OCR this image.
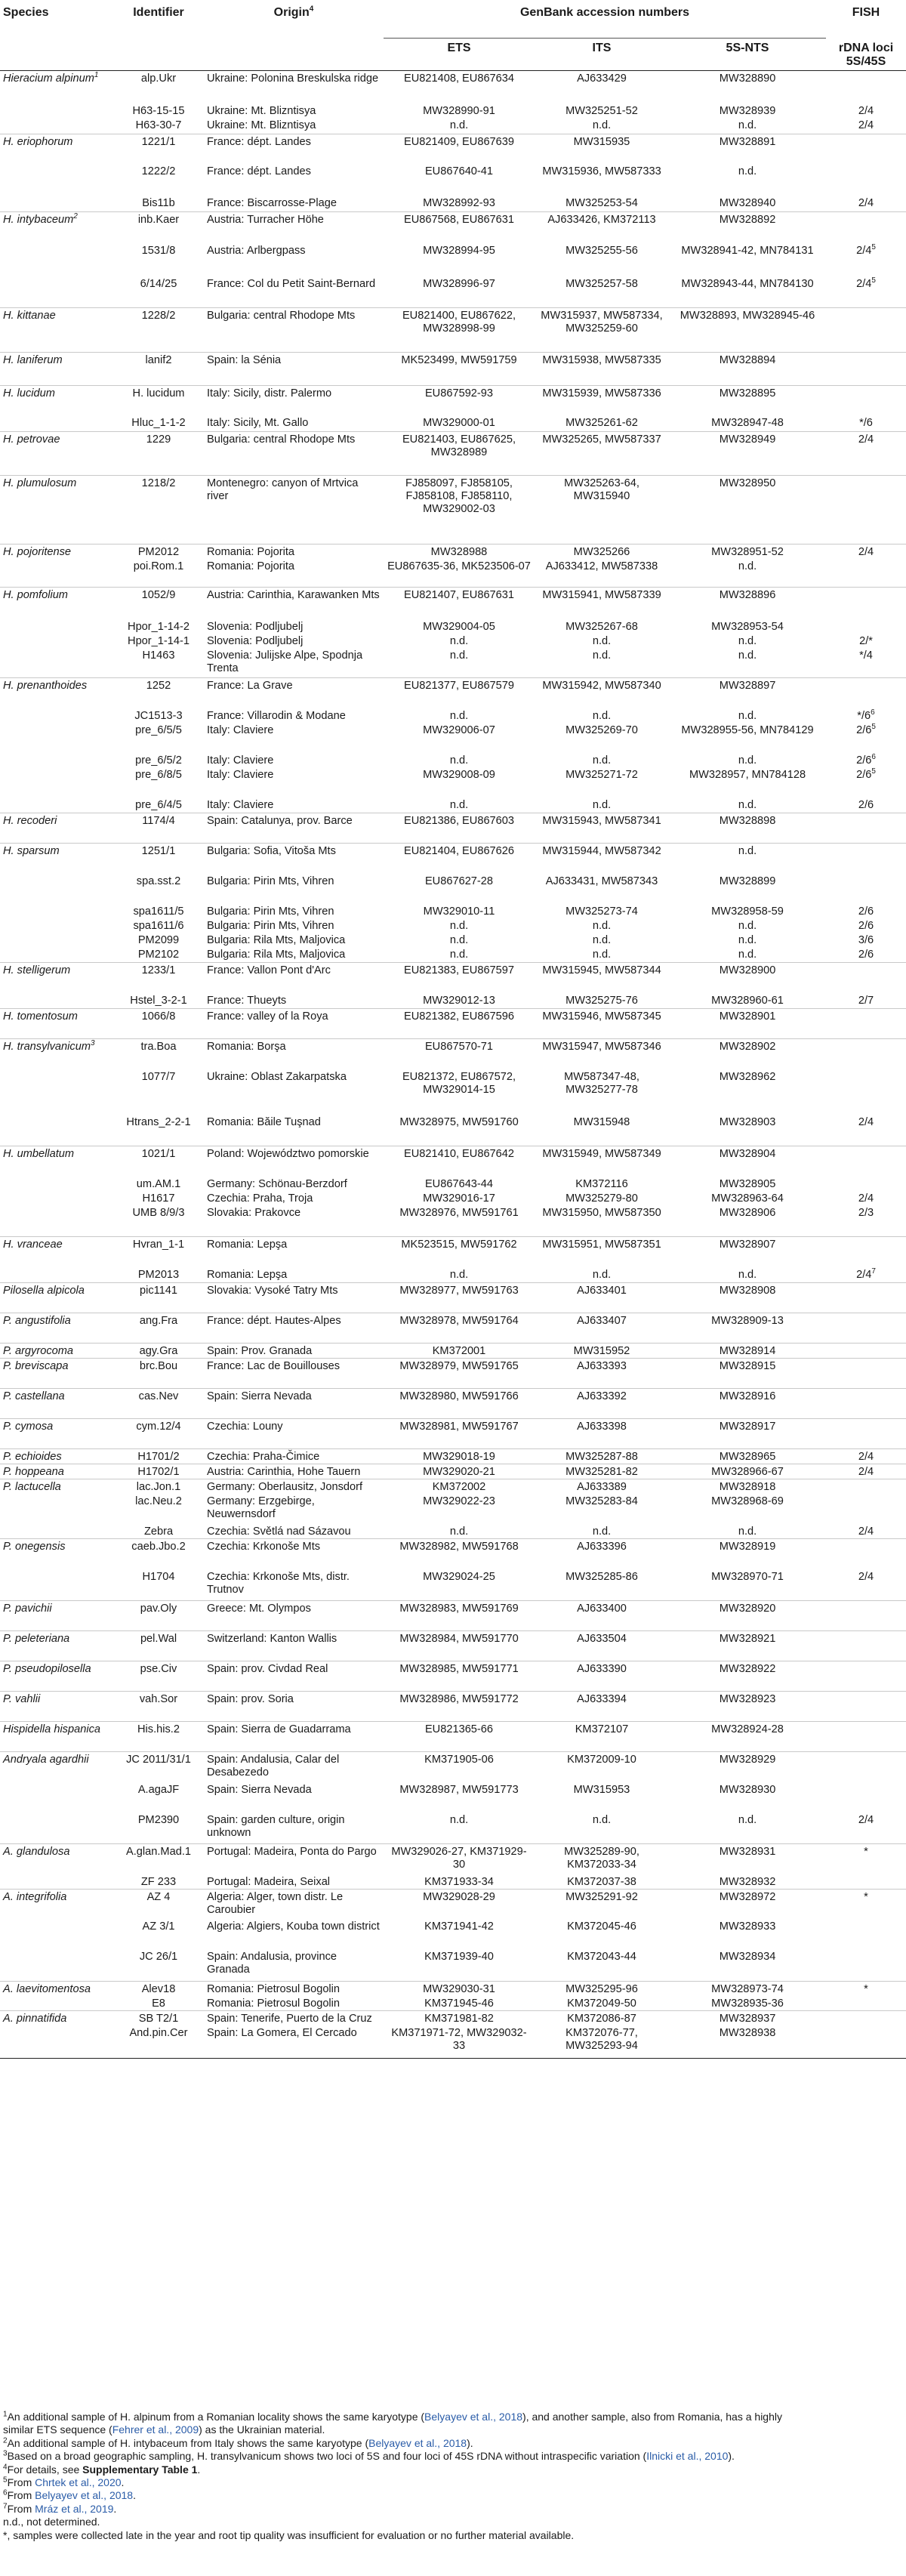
Species	Identifier	Origin$^4$	GenBank accession numbers			FISH
			ETS	ITS	5S-NTS	rDNA loci 5S/45S
Hieracium alpinum$^1$	alp.Ukr	Ukraine: Polonina Breskulska ridge	EU821408, EU867634	AJ633429	MW328890	
	H63-15-15	Ukraine: Mt. Blizntisya	MW328990-91	MW325251-52	MW328939	2/4
	H63-30-7	Ukraine: Mt. Blizntisya	n.d.	n.d.	n.d.	2/4
H. eriophorum	1221/1	France: dépt. Landes	EU821409, EU867639	MW315935	MW328891	
	1222/2	France: dépt. Landes	EU867640-41	MW315936, MW587333	n.d.	
	Bis11b	France: Biscarrosse-Plage	MW328992-93	MW325253-54	MW328940	2/4
H. intybaceum$^2$	inb.Kaer	Austria: Turracher Höhe	EU867568, EU867631	AJ633426, KM372113	MW328892	
	1531/8	Austria: Arlbergpass	MW328994-95	MW325255-56	MW328941-42, MN784131	$2/4^5$
	6/14/25	France: Col du Petit Saint-Bernard	MW328996-97	MW325257-58	MW328943-44, MN784130	$2/4^5$
H. kittanae	1228/2	Bulgaria: central Rhodope Mts	EU821400, EU867622, MW328998-99	MW315937, MW587334, MW325259-60	MW328893, MW328945-46	
H. laniferum	lanif2	Spain: la Sénia	MK523499, MW591759	MW315938, MW587335	MW328894	
H. lucidum	H. lucidum	Italy: Sicily, distr. Palermo	EU867592-93	MW315939, MW587336	MW328895	
	Hluc_1-1-2	Italy: Sicily, Mt. Gallo	MW329000-01	MW325261-62	MW328947-48	*/6
H. petrovae	1229	Bulgaria: central Rhodope Mts	EU821403, EU867625, MW328989	MW325265, MW587337	MW328949	2/4
H. plumulosum	1218/2	Montenegro: canyon of Mrtvica river	FJ858097, FJ858105, FJ858108, FJ858110, MW329002-03	MW325263-64, MW315940	MW328950	
H. pojoritense	PM2012	Romania: Pojorita	MW328988	MW325266	MW328951-52	2/4
	poi.Rom.1	Romania: Pojorita	EU867635-36, MK523506-07	AJ633412, MW587338	n.d.	
H. pomfolium	1052/9	Austria: Carinthia, Karawanken Mts	EU821407, EU867631	MW315941, MW587339	MW328896	
	Hpor_1-14-2	Slovenia: Podljubelj	MW329004-05	MW325267-68	MW328953-54	
	Hpor_1-14-1	Slovenia: Podljubelj	n.d.	n.d.	n.d.	2/*
	H1463	Slovenia: Julijske Alpe, Spodnja Trenta	n.d.	n.d.	n.d.	*/4
H. prenanthoides	1252	France: La Grave	EU821377, EU867579	MW315942, MW587340	MW328897	
	JC1513-3	France: Villarodin & Modane	n.d.	n.d.	n.d.	$*/6^6$
	pre_6/5/5	Italy: Claviere	MW329006-07	MW325269-70	MW328955-56, MN784129	$2/6^5$
	pre_6/5/2	Italy: Claviere	n.d.	n.d.	n.d.	$2/6^6$
	pre_6/8/5	Italy: Claviere	MW329008-09	MW325271-72	MW328957, MN784128	$2/6^5$
	pre_6/4/5	Italy: Claviere	n.d.	n.d.	n.d.	2/6
H. recoderi	1174/4	Spain: Catalunya, prov. Barce	EU821386, EU867603	MW315943, MW587341	MW328898	
H. sparsum	1251/1	Bulgaria: Sofia, Vitoša Mts	EU821404, EU867626	MW315944, MW587342	n.d.	
	spa.sst.2	Bulgaria: Pirin Mts, Vihren	EU867627-28	AJ633431, MW587343	MW328899	
	spa1611/5	Bulgaria: Pirin Mts, Vihren	MW329010-11	MW325273-74	MW328958-59	2/6
	spa1611/6	Bulgaria: Pirin Mts, Vihren	n.d.	n.d.	n.d.	2/6
	PM2099	Bulgaria: Rila Mts, Maljovica	n.d.	n.d.	n.d.	3/6
	PM2102	Bulgaria: Rila Mts, Maljovica	n.d.	n.d.	n.d.	2/6
H. stelligerum	1233/1	France: Vallon Pont d'Arc	EU821383, EU867597	MW315945, MW587344	MW328900	
	Hstel_3-2-1	France: Thueyts	MW329012-13	MW325275-76	MW328960-61	2/7
H. tomentosum	1066/8	France: valley of la Roya	EU821382, EU867596	MW315946, MW587345	MW328901	
H. transylvanicum$^3$	tra.Boa	Romania: Borşa	EU867570-71	MW315947, MW587346	MW328902	
	1077/7	Ukraine: Oblast Zakarpatska	EU821372, EU867572, MW329014-15	MW587347-48, MW325277-78	MW328962	
	Htrans_2-2-1	Romania: Băile Tuşnad	MW328975, MW591760	MW315948	MW328903	2/4
H. umbellatum	1021/1	Poland: Województwo pomorskie	EU821410, EU867642	MW315949, MW587349	MW328904	
	um.AM.1	Germany: Schönau-Berzdorf	EU867643-44	KM372116	MW328905	
	H1617	Czechia: Praha, Troja	MW329016-17	MW325279-80	MW328963-64	2/4
	UMB 8/9/3	Slovakia: Prakovce	MW328976, MW591761	MW315950, MW587350	MW328906	2/3
H. vranceae	Hvran_1-1	Romania: Lepşa	MK523515, MW591762	MW315951, MW587351	MW328907	
	PM2013	Romania: Lepşa	n.d.	n.d.	n.d.	$2/4^7$
Pilosella alpicola	pic1141	Slovakia: Vysoké Tatry Mts	MW328977, MW591763	AJ633401	MW328908	
P. angustifolia	ang.Fra	France: dépt. Hautes-Alpes	MW328978, MW591764	AJ633407	MW328909-13	
P. argyrocoma	agy.Gra	Spain: Prov. Granada	KM372001	MW315952	MW328914	
P. breviscapa	brc.Bou	France: Lac de Bouillouses	MW328979, MW591765	AJ633393	MW328915	
P. castellana	cas.Nev	Spain: Sierra Nevada	MW328980, MW591766	AJ633392	MW328916	
P. cymosa	cym.12/4	Czechia: Louny	MW328981, MW591767	AJ633398	MW328917	
P. echioides	H1701/2	Czechia: Praha-Čimice	MW329018-19	MW325287-88	MW328965	2/4
P. hoppeana	H1702/1	Austria: Carinthia, Hohe Tauern	MW329020-21	MW325281-82	MW328966-67	2/4
P. lactucella	lac.Jon.1	Germany: Oberlausitz, Jonsdorf	KM372002	AJ633389	MW328918	
	lac.Neu.2	Germany: Erzgebirge, Neuwernsdorf	MW329022-23	MW325283-84	MW328968-69	
	Zebra	Czechia: Světlá nad Sázavou	n.d.	n.d.	n.d.	2/4
P. onegensis	caeb.Jbo.2	Czechia: Krkonoše Mts	MW328982, MW591768	AJ633396	MW328919	
	H1704	Czechia: Krkonoše Mts, distr. Trutnov	MW329024-25	MW325285-86	MW328970-71	2/4
P. pavichii	pav.Oly	Greece: Mt. Olympos	MW328983, MW591769	AJ633400	MW328920	
P. peleteriana	pel.Wal	Switzerland: Kanton Wallis	MW328984, MW591770	AJ633504	MW328921	
P. pseudopilosella	pse.Civ	Spain: prov. Civdad Real	MW328985, MW591771	AJ633390	MW328922	
P. vahlii	vah.Sor	Spain: prov. Soria	MW328986, MW591772	AJ633394	MW328923	
Hispidella hispanica	His.his.2	Spain: Sierra de Guadarrama	EU821365-66	KM372107	MW328924-28	
Andryala agardhii	JC 2011/31/1	Spain: Andalusia, Calar del Desabezedo	KM371905-06	KM372009-10	MW328929	
	A.agaJF	Spain: Sierra Nevada	MW328987, MW591773	MW315953	MW328930	
	PM2390	Spain: garden culture, origin unknown	n.d.	n.d.	n.d.	2/4
A. glandulosa	A.glan.Mad.1	Portugal: Madeira, Ponta do Pargo	MW329026-27, KM371929-30	MW325289-90, KM372033-34	MW328931	*
	ZF 233	Portugal: Madeira, Seixal	KM371933-34	KM372037-38	MW328932	
A. integrifolia	AZ 4	Algeria: Alger, town distr. Le Caroubier	MW329028-29	MW325291-92	MW328972	*
	AZ 3/1	Algeria: Algiers, Kouba town district	KM371941-42	KM372045-46	MW328933	
	JC 26/1	Spain: Andalusia, province Granada	KM371939-40	KM372043-44	MW328934	
A. laevitomentosa	Alev18	Romania: Pietrosul Bogolin	MW329030-31	MW325295-96	MW328973-74	*
	E8	Romania: Pietrosul Bogolin	KM371945-46	KM372049-50	MW328935-36	
A. pinnatifida	SB T2/1	Spain: Tenerife, Puerto de la Cruz	KM371981-82	KM372086-87	MW328937	
	And.pin.Cer	Spain: La Gomera, El Cercado	KM371971-72, MW329032-33	KM372076-77, MW325293-94	MW328938	
$^1$An additional sample of H. alpinum from a Romanian locality shows the same karyotype (Belyayev et al., 2018), and another sample, also from Romania, has a highly
similar ETS sequence (Fehrer et al., 2009) as the Ukrainian material.
$^2$An additional sample of H. intybaceum from Italy shows the same karyotype (Belyayev et al., 2018).
$^3$Based on a broad geographic sampling, H. transylvanicum shows two loci of 5S and four loci of 45S rDNA without intraspecific variation (Ilnicki et al., 2010).
$^4$For details, see Supplementary Table 1.
$^5$From Chrtek et al., 2020.
$^6$From Belyayev et al., 2018.
$^7$From Mráz et al., 2019.
n.d., not determined.
*, samples were collected late in the year and root tip quality was insufficient for evaluation or no further material available.
